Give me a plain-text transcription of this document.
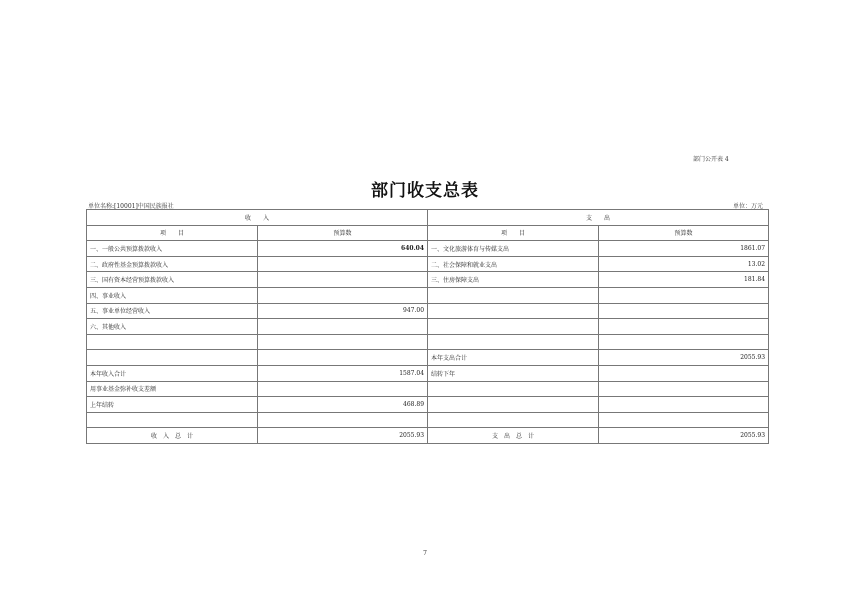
部门公开表 4
部门收支总表
单位名称:[10001]中国民族报社	单位：万元
收　　入		支　　出	
项　　目	预算数	项　　目	预算数
一、一般公共预算拨款收入	640.04	一、文化旅游体育与传媒支出	1861.07
二、政府性基金预算拨款收入		二、社会保障和就业支出	13.02
三、国有资本经营预算拨款收入		三、住房保障支出	181.84
四、事业收入			
五、事业单位经营收入	947.00		
六、其他收入			

		本年支出合计	2055.93
本年收入合计	1587.04	结转下年	
用事业基金弥补收支差额			
上年结转	468.89		

收　入　总　计	2055.93	支　出　总　计	2055.93
7
